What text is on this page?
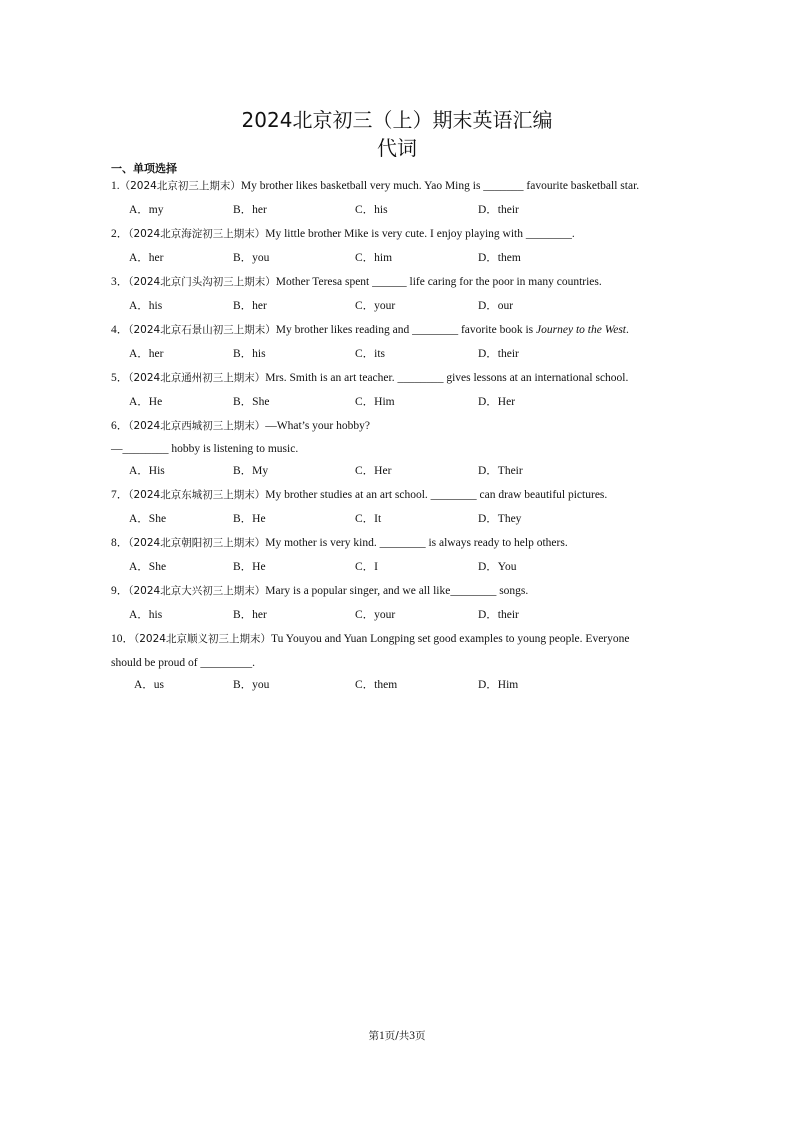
2024北京初三（上）期末英语汇编
代词
一、单项选择
1.（2024北京初三上期末）My brother likes basketball very much. Yao Ming is _______ favourite basketball star.
A．my	B．her	C．his	D．their
2．（2024北京海淀初三上期末）My little brother Mike is very cute. I enjoy playing with ________.
A．her	B．you	C．him	D．them
3．（2024北京门头沟初三上期末）Mother Teresa spent ______ life caring for the poor in many countries.
A．his	B．her	C．your	D．our
4．（2024北京石景山初三上期末）My brother likes reading and ________ favorite book is Journey to the West.
A．her	B．his	C．its	D．their
5．（2024北京通州初三上期末）Mrs. Smith is an art teacher. ________ gives lessons at an international school.
A．He	B．She	C．Him	D．Her
6．（2024北京西城初三上期末）—What’s your hobby?
—________ hobby is listening to music.
A．His	B．My	C．Her	D．Their
7．（2024北京东城初三上期末）My brother studies at an art school. ________ can draw beautiful pictures.
A．She	B．He	C．It	D．They
8．（2024北京朝阳初三上期末）My mother is very kind. ________ is always ready to help others.
A．She	B．He	C．I	D．You
9．（2024北京大兴初三上期末）Mary is a popular singer, and we all like________ songs.
A．his	B．her	C．your	D．their
10．（2024北京顺义初三上期末）Tu Youyou and Yuan Longping set good examples to young people. Everyone
should be proud of _________.
A．us	B．you	C．them	D．Him
第1页/共3页
